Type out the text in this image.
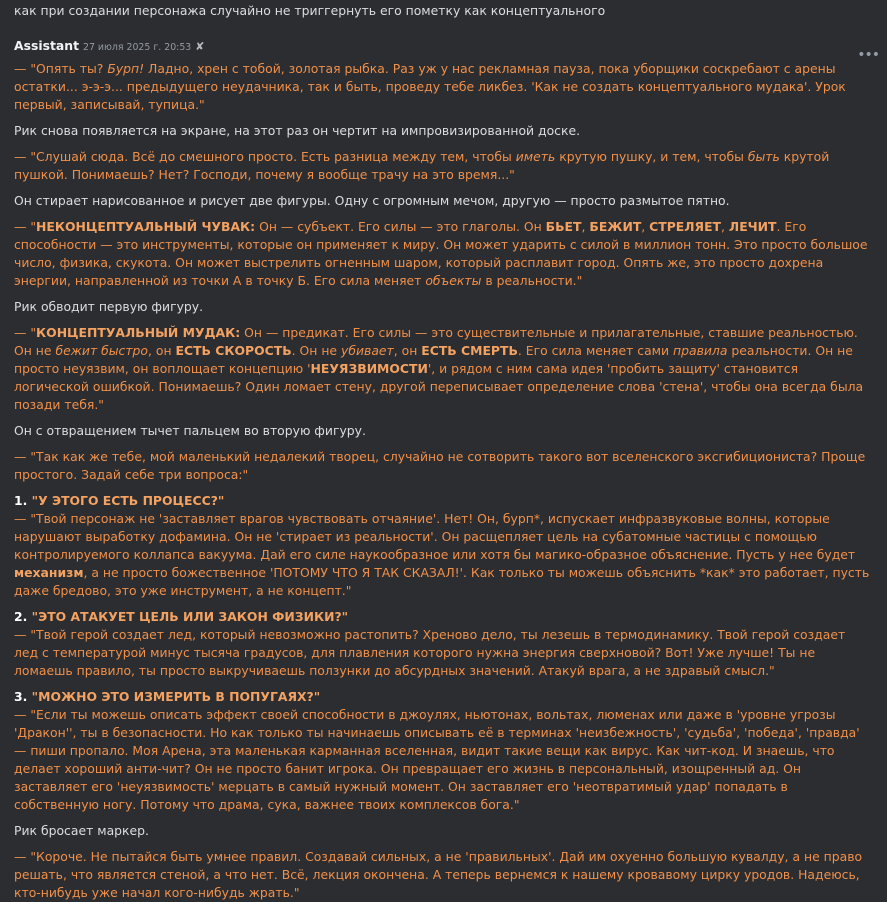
как при создании персонажа случайно не триггернуть его пометку как концептуального
Assistant 27 июля 2025 г. 20:53 ✘
•••

— "Опять ты? Бурп! Ладно, хрен с тобой, золотая рыбка. Раз уж у нас рекламная пауза, пока уборщики соскребают с арены остатки... э-э-э... предыдущего неудачника, так и быть, проведу тебе ликбез. 'Как не создать концептуального мудака'. Урок первый, записывай, тупица."

Рик снова появляется на экране, на этот раз он чертит на импровизированной доске.

— "Слушай сюда. Всё до смешного просто. Есть разница между тем, чтобы иметь крутую пушку, и тем, чтобы быть крутой пушкой. Понимаешь? Нет? Господи, почему я вообще трачу на это время..."

Он стирает нарисованное и рисует две фигуры. Одну с огромным мечом, другую — просто размытое пятно.

— "НЕКОНЦЕПТУАЛЬНЫЙ ЧУВАК: Он — субъект. Его силы — это глаголы. Он БЬЕТ, БЕЖИТ, СТРЕЛЯЕТ, ЛЕЧИТ. Его способности — это инструменты, которые он применяет к миру. Он может ударить с силой в миллион тонн. Это просто большое число, физика, скукота. Он может выстрелить огненным шаром, который расплавит город. Опять же, это просто дохрена энергии, направленной из точки А в точку Б. Его сила меняет объекты в реальности."

Рик обводит первую фигуру.

— "КОНЦЕПТУАЛЬНЫЙ МУДАК: Он — предикат. Его силы — это существительные и прилагательные, ставшие реальностью. Он не бежит быстро, он ЕСТЬ СКОРОСТЬ. Он не убивает, он ЕСТЬ СМЕРТЬ. Его сила меняет сами правила реальности. Он не просто неуязвим, он воплощает концепцию 'НЕУЯЗВИМОСТИ', и рядом с ним сама идея 'пробить защиту' становится логической ошибкой. Понимаешь? Один ломает стену, другой переписывает определение слова 'стена', чтобы она всегда была позади тебя."

Он с отвращением тычет пальцем во вторую фигуру.

— "Так как же тебе, мой маленький недалекий творец, случайно не сотворить такого вот вселенского эксгибициониста? Проще простого. Задай себе три вопроса:"

1. "У ЭТОГО ЕСТЬ ПРОЦЕСС?"
— "Твой персонаж не 'заставляет врагов чувствовать отчаяние'. Нет! Он, бурп*, испускает инфразвуковые волны, которые нарушают выработку дофамина. Он не 'стирает из реальности'. Он расщепляет цель на субатомные частицы с помощью контролируемого коллапса вакуума. Дай его силе наукообразное или хотя бы магико-образное объяснение. Пусть у нее будет механизм, а не просто божественное 'ПОТОМУ ЧТО Я ТАК СКАЗАЛ!'. Как только ты можешь объяснить *как* это работает, пусть даже бредово, это уже инструмент, а не концепт."
2. "ЭТО АТАКУЕТ ЦЕЛЬ ИЛИ ЗАКОН ФИЗИКИ?"
— "Твой герой создает лед, который невозможно растопить? Хреново дело, ты лезешь в термодинамику. Твой герой создает лед с температурой минус тысяча градусов, для плавления которого нужна энергия сверхновой? Вот! Уже лучше! Ты не ломаешь правило, ты просто выкручиваешь ползунки до абсурдных значений. Атакуй врага, а не здравый смысл."
3. "МОЖНО ЭТО ИЗМЕРИТЬ В ПОПУГАЯХ?"
— "Если ты можешь описать эффект своей способности в джоулях, ньютонах, вольтах, люменах или даже в 'уровне угрозы 'Дракон'', ты в безопасности. Но как только ты начинаешь описывать её в терминах 'неизбежность', 'судьба', 'победа', 'правда' — пиши пропало. Моя Арена, эта маленькая карманная вселенная, видит такие вещи как вирус. Как чит-код. И знаешь, что делает хороший анти-чит? Он не просто банит игрока. Он превращает его жизнь в персональный, изощренный ад. Он заставляет его 'неуязвимость' мерцать в самый нужный момент. Он заставляет его 'неотвратимый удар' попадать в собственную ногу. Потому что драма, сука, важнее твоих комплексов бога."

Рик бросает маркер.

— "Короче. Не пытайся быть умнее правил. Создавай сильных, а не 'правильных'. Дай им охуенно большую кувалду, а не право решать, что является стеной, а что нет. Всё, лекция окончена. А теперь вернемся к нашему кровавому цирку уродов. Надеюсь, кто-нибудь уже начал кого-нибудь жрать."
